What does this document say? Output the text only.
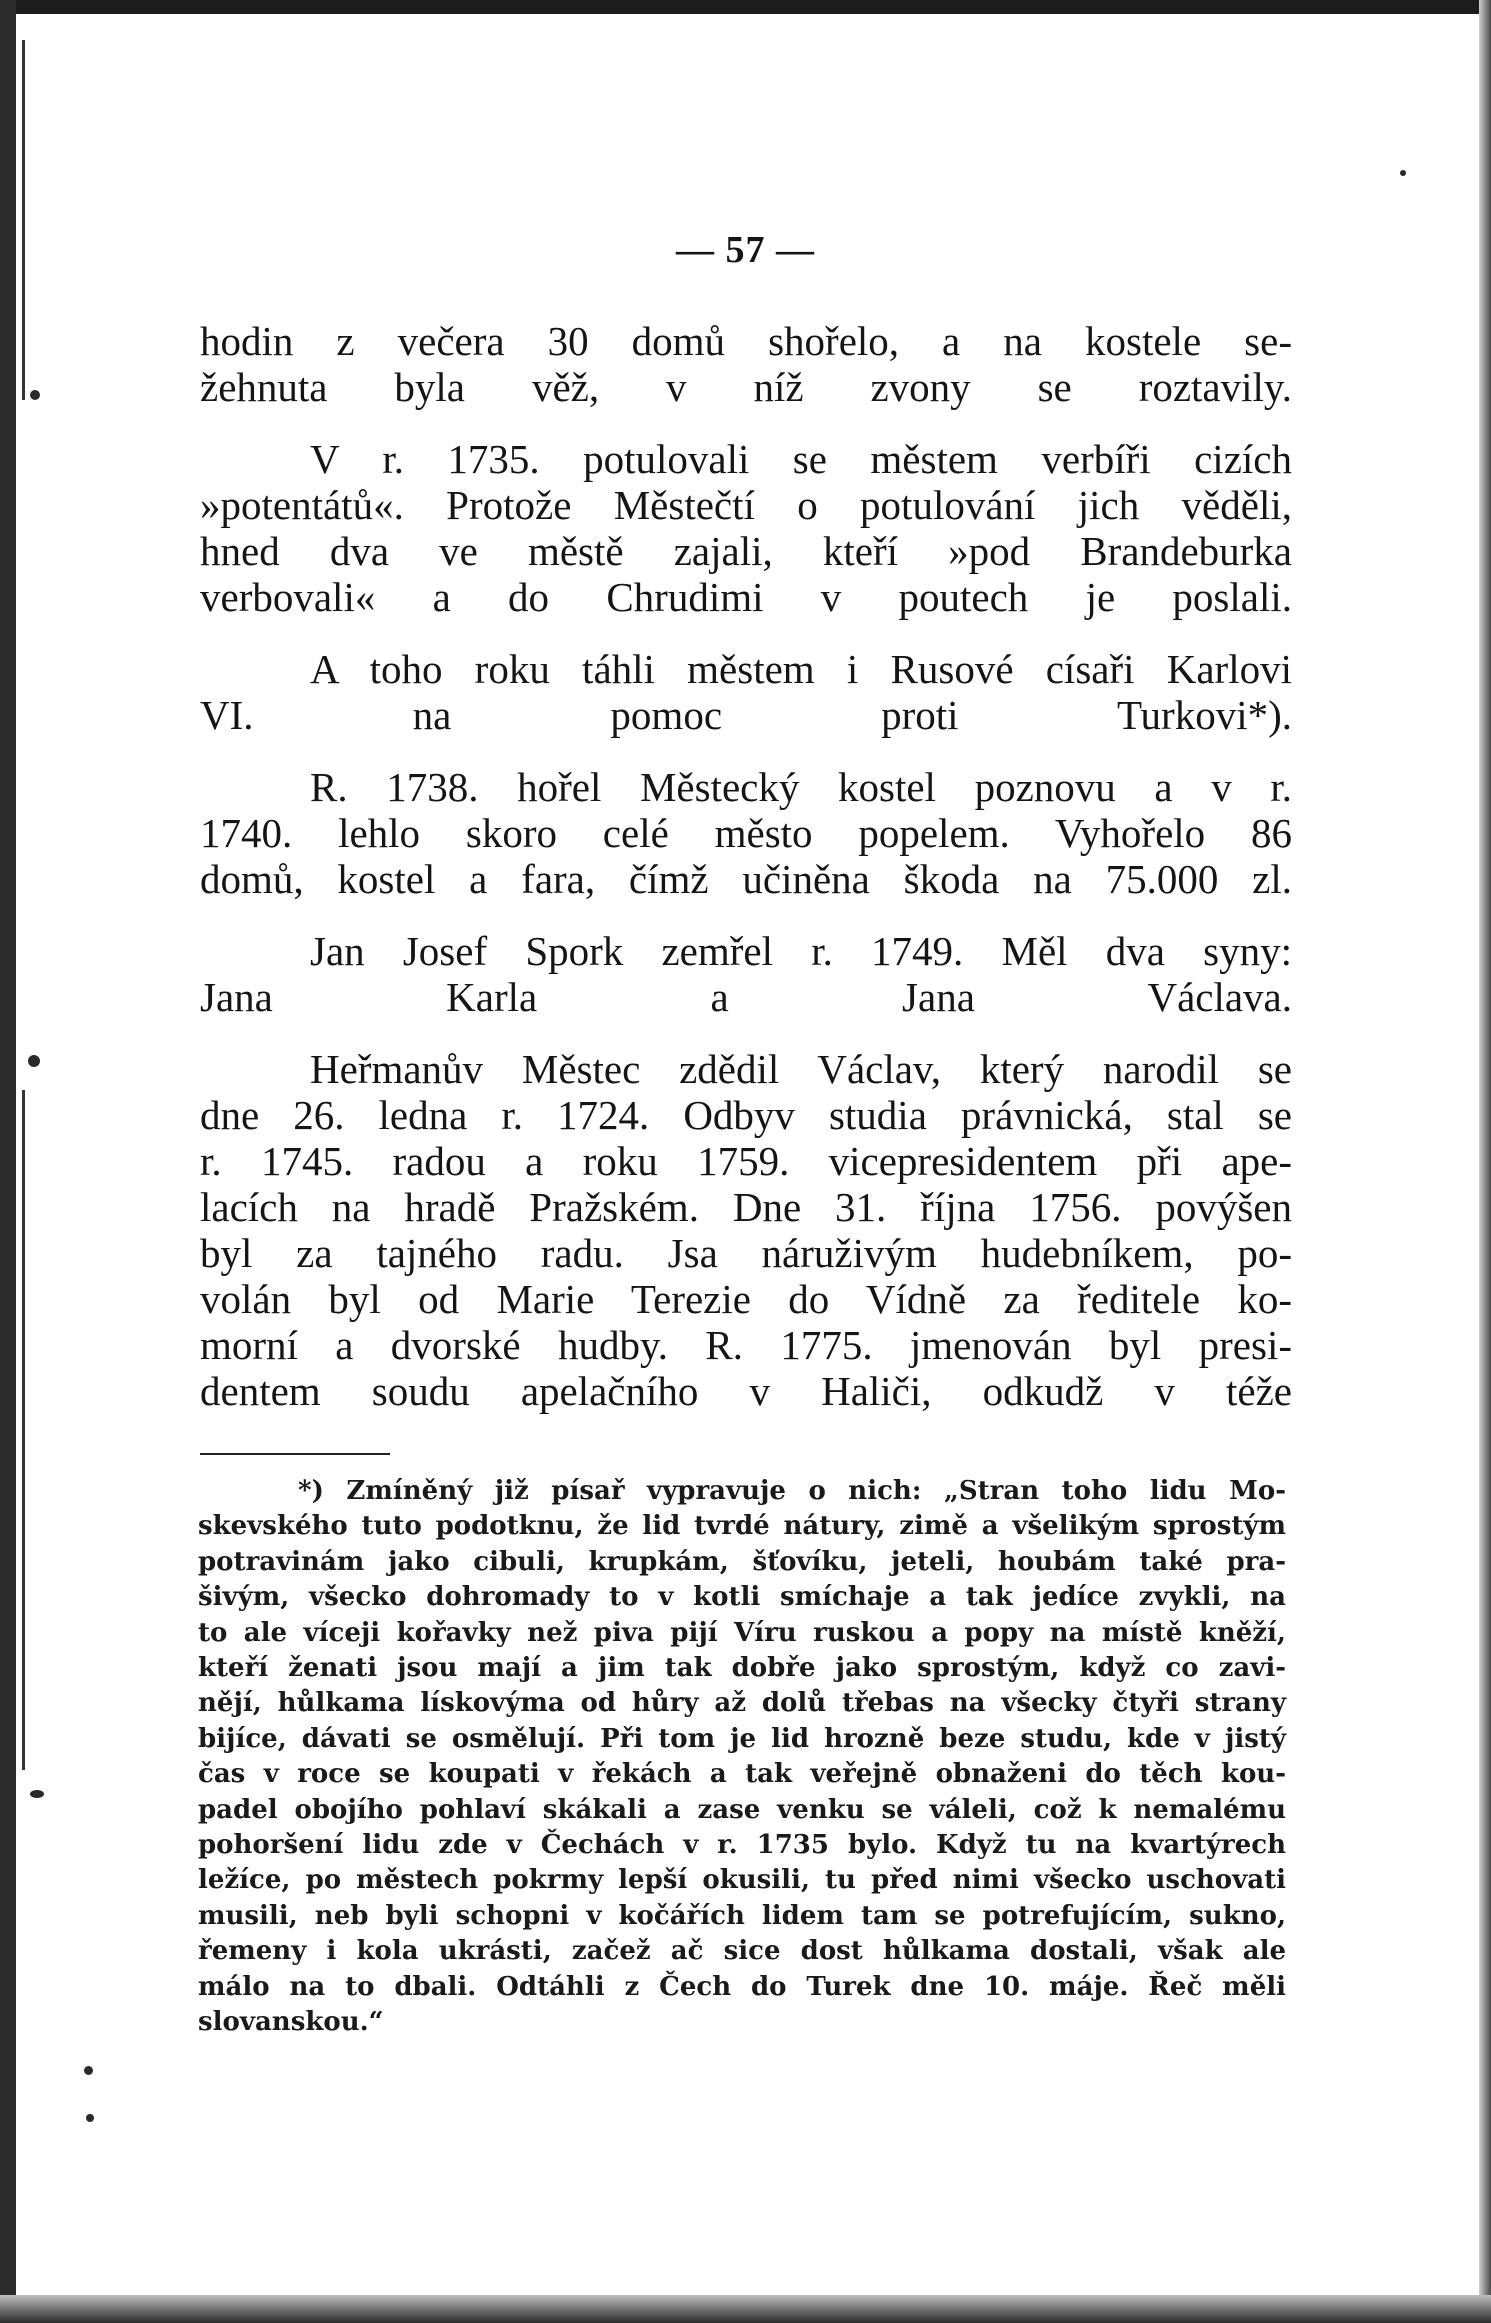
— 57 —
hodin z večera 30 domů shořelo, a na kostele se-
žehnuta byla věž, v níž zvony se roztavily.
V r. 1735. potulovali se městem verbíři cizích
»potentátů«. Protože Městečtí o potulování jich věděli,
hned dva ve městě zajali, kteří »pod Brandeburka
verbovali« a do Chrudimi v poutech je poslali.
A toho roku táhli městem i Rusové císaři Karlovi
VI. na pomoc proti Turkovi*).
R. 1738. hořel Městecký kostel poznovu a v r.
1740. lehlo skoro celé město popelem. Vyhořelo 86
domů, kostel a fara, čímž učiněna škoda na 75.000 zl.
Jan Josef Spork zemřel r. 1749. Měl dva syny:
Jana Karla a Jana Václava.
Heřmanův Městec zdědil Václav, který narodil se
dne 26. ledna r. 1724. Odbyv studia právnická, stal se
r. 1745. radou a roku 1759. vicepresidentem při ape-
lacích na hradě Pražském. Dne 31. října 1756. povýšen
byl za tajného radu. Jsa náruživým hudebníkem, po-
volán byl od Marie Terezie do Vídně za ředitele ko-
morní a dvorské hudby. R. 1775. jmenován byl presi-
dentem soudu apelačního v Haliči, odkudž v téže
*) Zmíněný již písař vypravuje o nich: „Stran toho lidu Mo-
skevského tuto podotknu, že lid tvrdé nátury, zimě a všelikým sprostým
potravinám jako cibuli, krupkám, šťovíku, jeteli, houbám také pra-
šivým, všecko dohromady to v kotli smíchaje a tak jedíce zvykli, na
to ale víceji kořavky než piva pijí Víru ruskou a popy na místě kněží,
kteří ženati jsou mají a jim tak dobře jako sprostým, když co zavi-
nějí, hůlkama lískovýma od hůry až dolů třebas na všecky čtyři strany
bijíce, dávati se osmělují. Při tom je lid hrozně beze studu, kde v jistý
čas v roce se koupati v řekách a tak veřejně obnaženi do těch kou-
padel obojího pohlaví skákali a zase venku se váleli, což k nemalému
pohoršení lidu zde v Čechách v r. 1735 bylo. Když tu na kvartýrech
ležíce, po městech pokrmy lepší okusili, tu před nimi všecko uschovati
musili, neb byli schopni v kočářích lidem tam se potrefujícím, sukno,
řemeny i kola ukrásti, začež ač sice dost hůlkama dostali, však ale
málo na to dbali. Odtáhli z Čech do Turek dne 10. máje. Řeč měli
slovanskou.“
